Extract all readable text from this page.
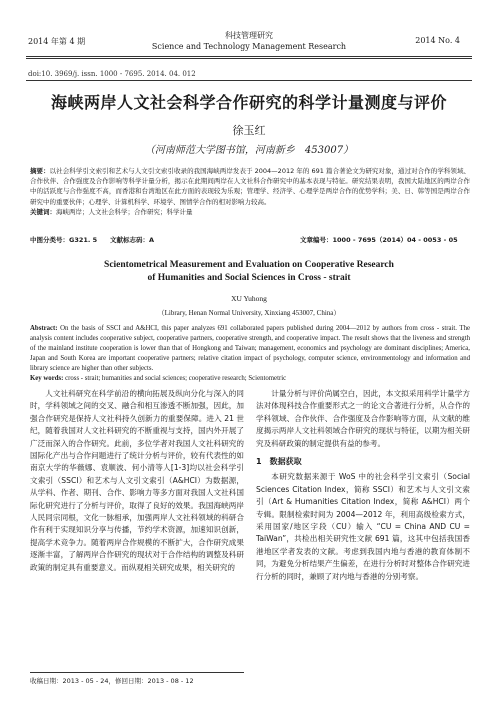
2014 年第 4 期
科技管理研究
Science and Technology Management Research
2014 No. 4
doi:10. 3969/j. issn. 1000 - 7695. 2014. 04. 012
海峡两岸人文社会科学合作研究的科学计量测度与评价
徐玉红
（河南师范大学图书馆，河南新乡　453007）
摘要：以社会科学引文索引和艺术与人文引文索引收录的我国海峡两岸发表于 2004—2012 年的 691 篇合著论文为研究对象，通过对合作的学科领域、合作伙伴、合作强度及合作影响等科学计量分析，揭示在此期间两岸在人文社科合作研究中的基本表现与特征。研究结果表明，我国大陆地区的两岸合作中的活跃度与合作强度不高，而香港和台湾地区在此方面的表现较为乐观；管理学、经济学、心理学是两岸合作的优势学科；美、日、韩等国是两岸合作研究中的重要伙伴；心理学、计算机科学、环境学、图情学合作的相对影响力较高。
关键词：海峡两岸；人文社会科学；合作研究；科学计量
中图分类号：G321. 5 文献标志码：A	文章编号：1000 - 7695（2014）04 - 0053 - 05
Scientometrical Measurement and Evaluation on Cooperative Research of Humanities and Social Sciences in Cross - strait
XU Yuhong
（Library, Henan Normal University, Xinxiang 453007, China）
Abstract: On the basis of SSCI and A&HCI, this paper analyzes 691 collaborated papers published during 2004—2012 by authors from cross - strait. The analysis content includes cooperative subject, cooperative partners, cooperative strength, and cooperative impact. The result shows that the liveness and strength of the mainland institute cooperation is lower than that of Hongkong and Taiwan; management, economics and psychology are dominant disciplines; America, Japan and South Korea are important cooperative partners; relative citation impact of psychology, computer science, environmentology and information and library science are higher than other subjects.
Key words: cross - strait; humanities and social sciences; cooperative research; Scientometric

人文社科研究在科学前沿的横向拓展及纵向分化与深入的同时，学科领域之间的交叉、融合和相互渗透不断加强，因此，加强合作研究是保持人文社科持久创新力的重要保障。进入 21 世纪，随着我国对人文社科研究的不断重视与支持，国内外开展了广泛而深入的合作研究。此前，多位学者对我国人文社科研究的国际化产出与合作问题进行了统计分析与评价，较有代表性的如南京大学的华薇娜、袁顺波、何小清等人[1-3]均以社会科学引文索引（SSCI）和艺术与人文引文索引（A&HCI）为数据源，从学科、作者、期刊、合作、影响力等多方面对我国人文社科国际化研究进行了分析与评价，取得了良好的效果。我国海峡两岸人民同宗同根，文化一脉相承，加强两岸人文社科领域的科研合作有利于实现知识分享与传播，节约学术资源，加速知识创新，提高学术竞争力。随着两岸合作规模的不断扩大，合作研究成果逐渐丰富，了解两岸合作研究的现状对于合作结构的调整及科研政策的制定具有重要意义。而纵观相关研究成果，相关研究的

计量分析与评价尚属空白，因此，本文拟采用科学计量学方法对体现科技合作重要形式之一的论文合著进行分析，从合作的学科领域、合作伙伴、合作强度及合作影响等方面，从文献的维度揭示两岸人文社科领域合作研究的现状与特征，以期为相关研究及科研政策的制定提供有益的参考。

1　数据获取

本研究数据来源于 WoS 中的社会科学引文索引（Social Sciences Citation Index，简称 SSCI）和艺术与人文引文索引（Art & Humanities Citation Index，简称 A&HCI）两个专辑。限制检索时间为 2004—2012 年，利用高级检索方式，采用国家/地区字段（CU）输入 “CU = China AND CU = TaiWan”，共检出相关研究性文献 691 篇，这其中包括我国香港地区学者发表的文献。考虑到我国内地与香港的教育体制不同，为避免分析结果产生偏差，在进行分析时对整体合作研究进行分析的同时，兼顾了对内地与香港的分别考察。

收稿日期：2013 - 05 - 24，修回日期：2013 - 08 - 12
